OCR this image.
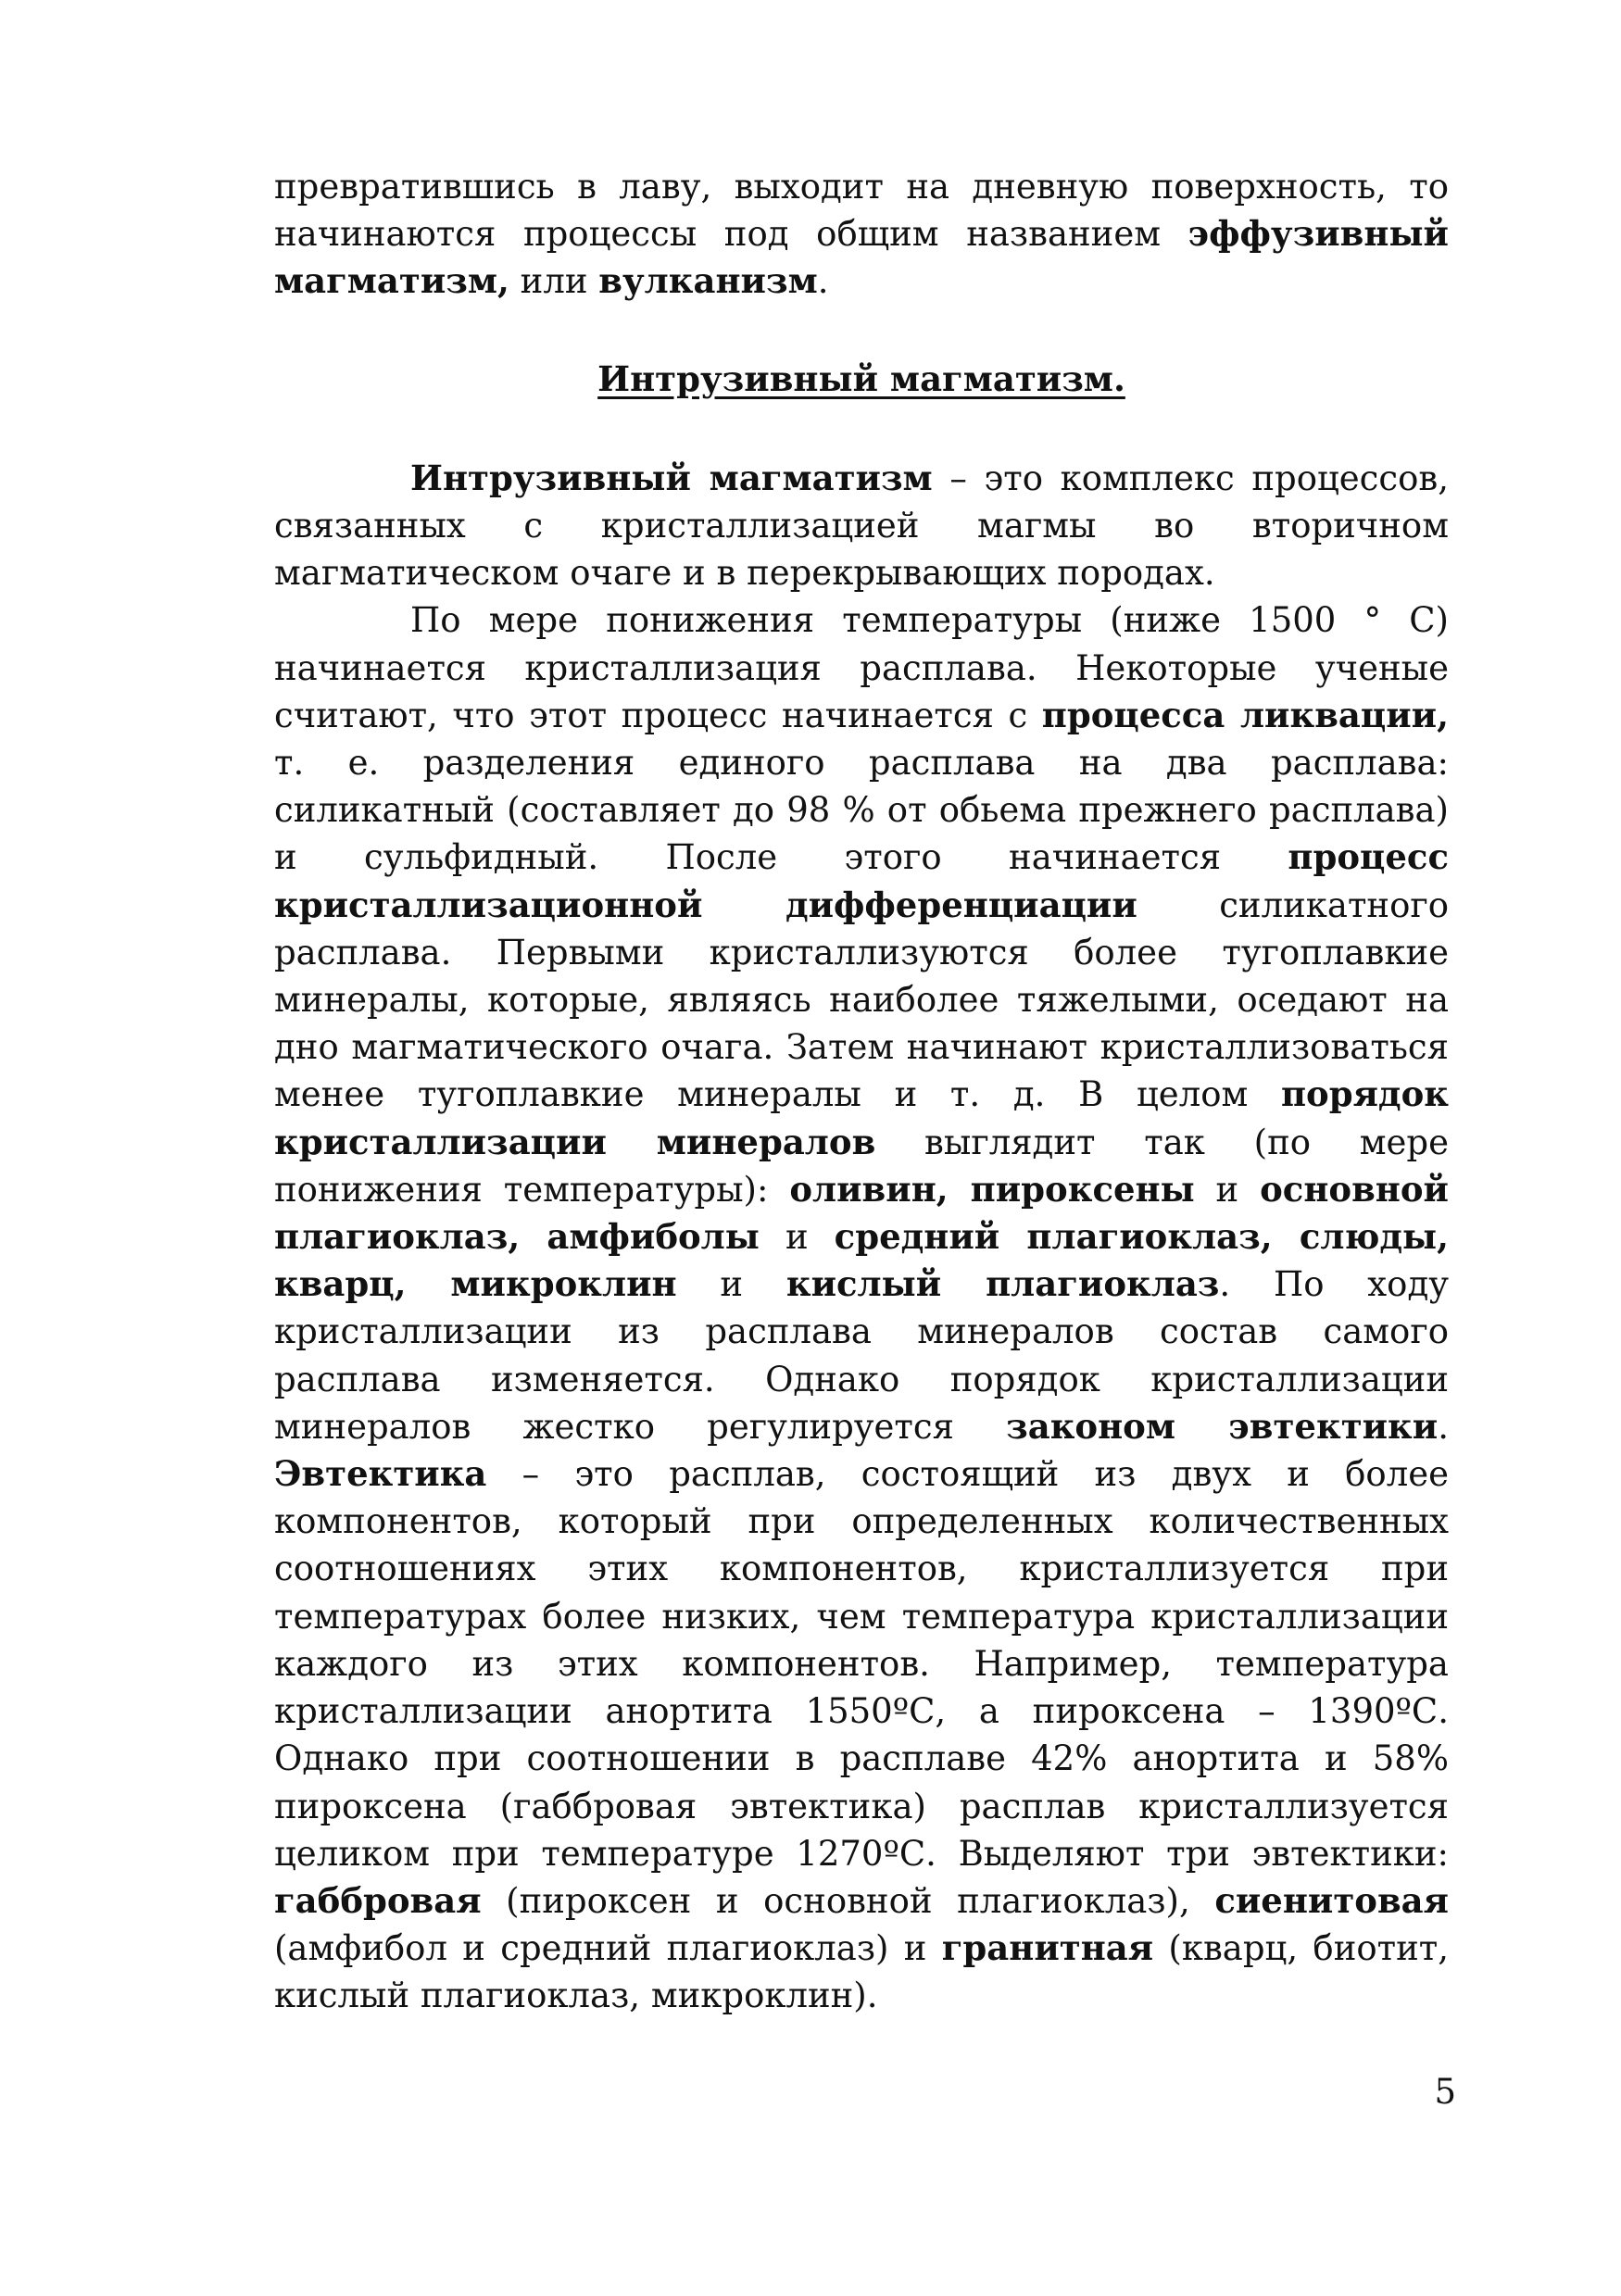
превратившись в лаву, выходит на дневную поверхность, то начинаются процессы под общим названием эффузивный магматизм, или вулканизм.

Интрузивный магматизм.

Интрузивный магматизм – это комплекс процессов, связанных с кристаллизацией магмы во вторичном магматическом очаге и в перекрывающих породах.

По мере понижения температуры (ниже 1500 ° С) начинается кристаллизация расплава. Некоторые ученые считают, что этот процесс начинается с процесса ликвации, т. е. разделения единого расплава на два расплава: силикатный (составляет до 98 % от обьема прежнего расплава) и сульфидный. После этого начинается процесс кристаллизационной дифференциации силикатного расплава. Первыми кристаллизуются более тугоплавкие минералы, которые, являясь наиболее тяжелыми, оседают на дно магматического очага. Затем начинают кристаллизоваться менее тугоплавкие минералы и т. д. В целом порядок кристаллизации минералов выглядит так (по мере понижения температуры): оливин, пироксены и основной плагиоклаз, амфиболы и средний плагиоклаз, слюды, кварц, микроклин и кислый плагиоклаз. По ходу кристаллизации из расплава минералов состав самого расплава изменяется. Однако порядок кристаллизации минералов жестко регулируется законом эвтектики. Эвтектика – это расплав, состоящий из двух и более компонентов, который при определенных количественных соотношениях этих компонентов, кристаллизуется при температурах более низких, чем температура кристаллизации каждого из этих компонентов. Например, температура кристаллизации анортита 1550ºС, а пироксена – 1390ºС. Однако при соотношении в расплаве 42% анортита и 58% пироксена (габбровая эвтектика) расплав кристаллизуется целиком при температуре 1270ºС. Выделяют три эвтектики: габбровая (пироксен и основной плагиоклаз), сиенитовая (амфибол и средний плагиоклаз) и гранитная (кварц, биотит, кислый плагиоклаз, микроклин).

5
